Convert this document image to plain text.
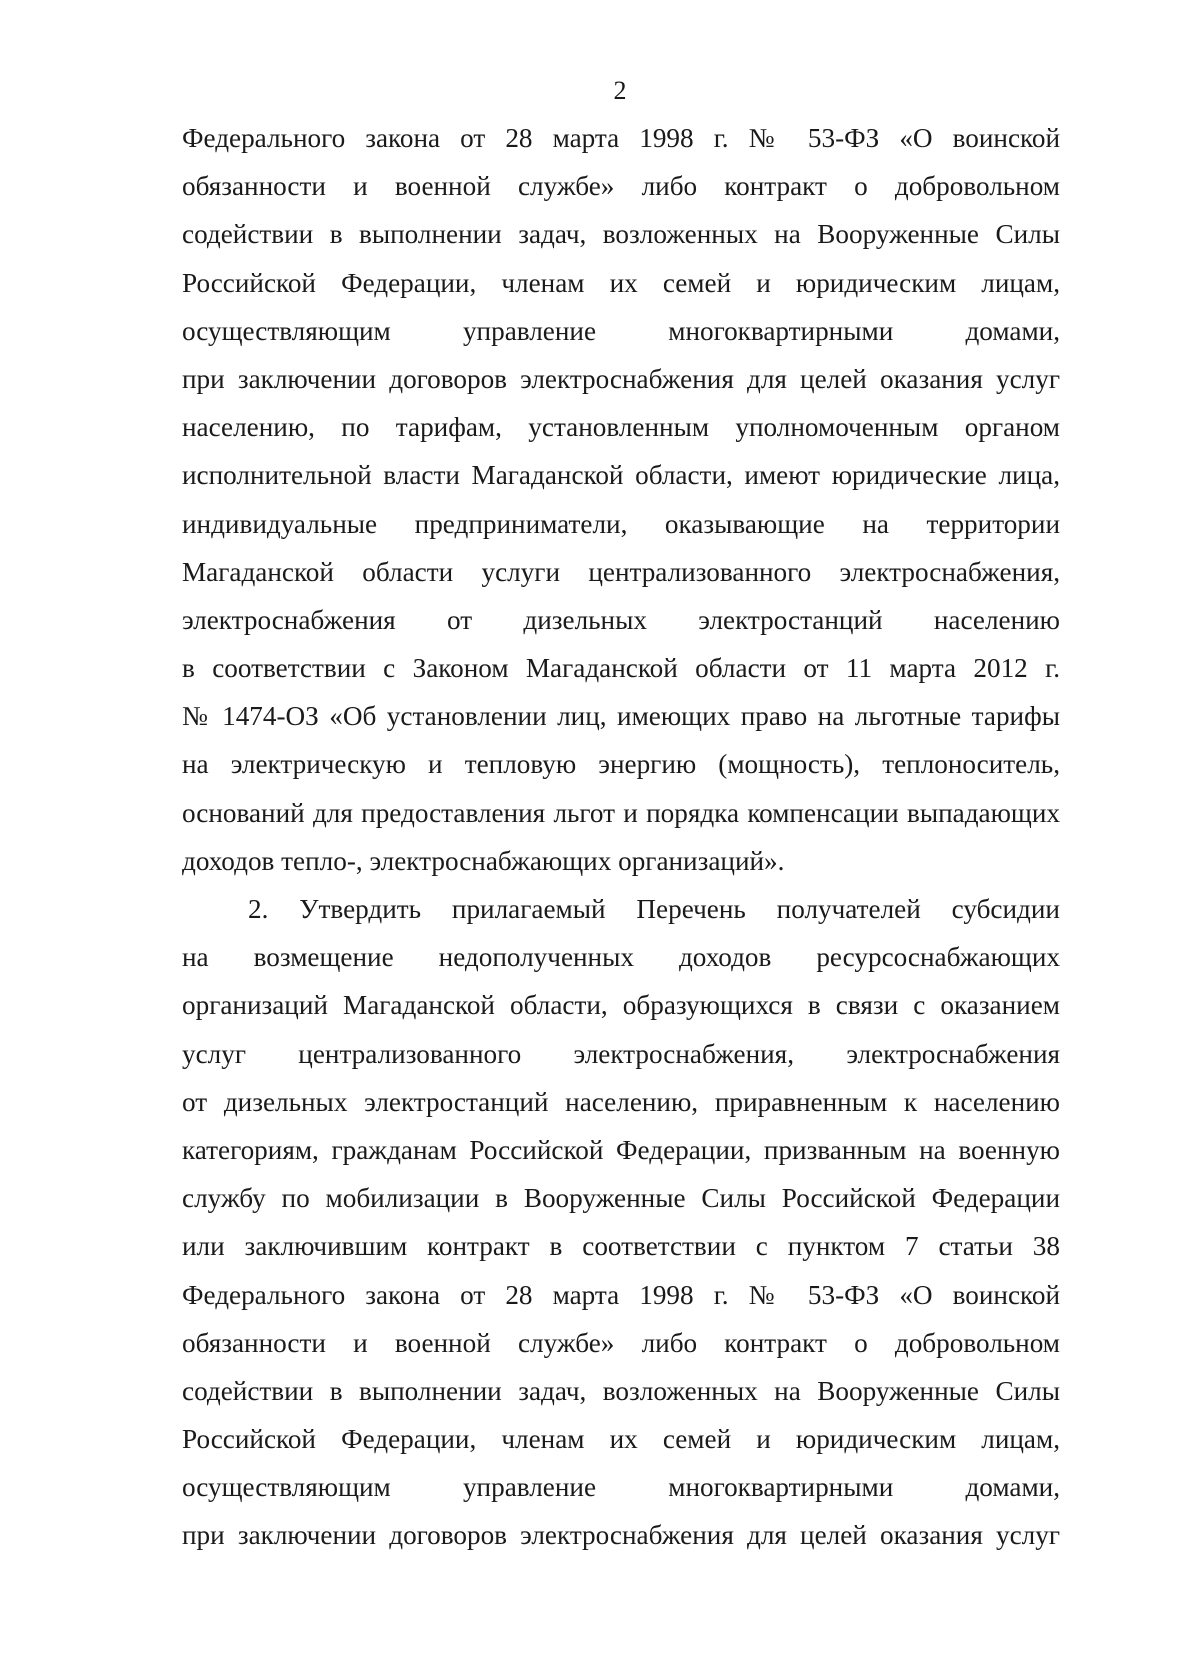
2
Федерального закона от 28 марта 1998 г. № 53-ФЗ «О воинской
обязанности и военной службе» либо контракт о добровольном
содействии в выполнении задач, возложенных на Вооруженные Силы
Российской Федерации, членам их семей и юридическим лицам,
осуществляющим управление многоквартирными домами,
при заключении договоров электроснабжения для целей оказания услуг
населению, по тарифам, установленным уполномоченным органом
исполнительной власти Магаданской области, имеют юридические лица,
индивидуальные предприниматели, оказывающие на территории
Магаданской области услуги централизованного электроснабжения,
электроснабжения от дизельных электростанций населению
в соответствии с Законом Магаданской области от 11 марта 2012 г.
№ 1474-ОЗ «Об установлении лиц, имеющих право на льготные тарифы
на электрическую и тепловую энергию (мощность), теплоноситель,
оснований для предоставления льгот и порядка компенсации выпадающих
доходов тепло-, электроснабжающих организаций».
2. Утвердить прилагаемый Перечень получателей субсидии
на возмещение недополученных доходов ресурсоснабжающих
организаций Магаданской области, образующихся в связи с оказанием
услуг централизованного электроснабжения, электроснабжения
от дизельных электростанций населению, приравненным к населению
категориям, гражданам Российской Федерации, призванным на военную
службу по мобилизации в Вооруженные Силы Российской Федерации
или заключившим контракт в соответствии с пунктом 7 статьи 38
Федерального закона от 28 марта 1998 г. № 53-ФЗ «О воинской
обязанности и военной службе» либо контракт о добровольном
содействии в выполнении задач, возложенных на Вооруженные Силы
Российской Федерации, членам их семей и юридическим лицам,
осуществляющим управление многоквартирными домами,
при заключении договоров электроснабжения для целей оказания услуг
